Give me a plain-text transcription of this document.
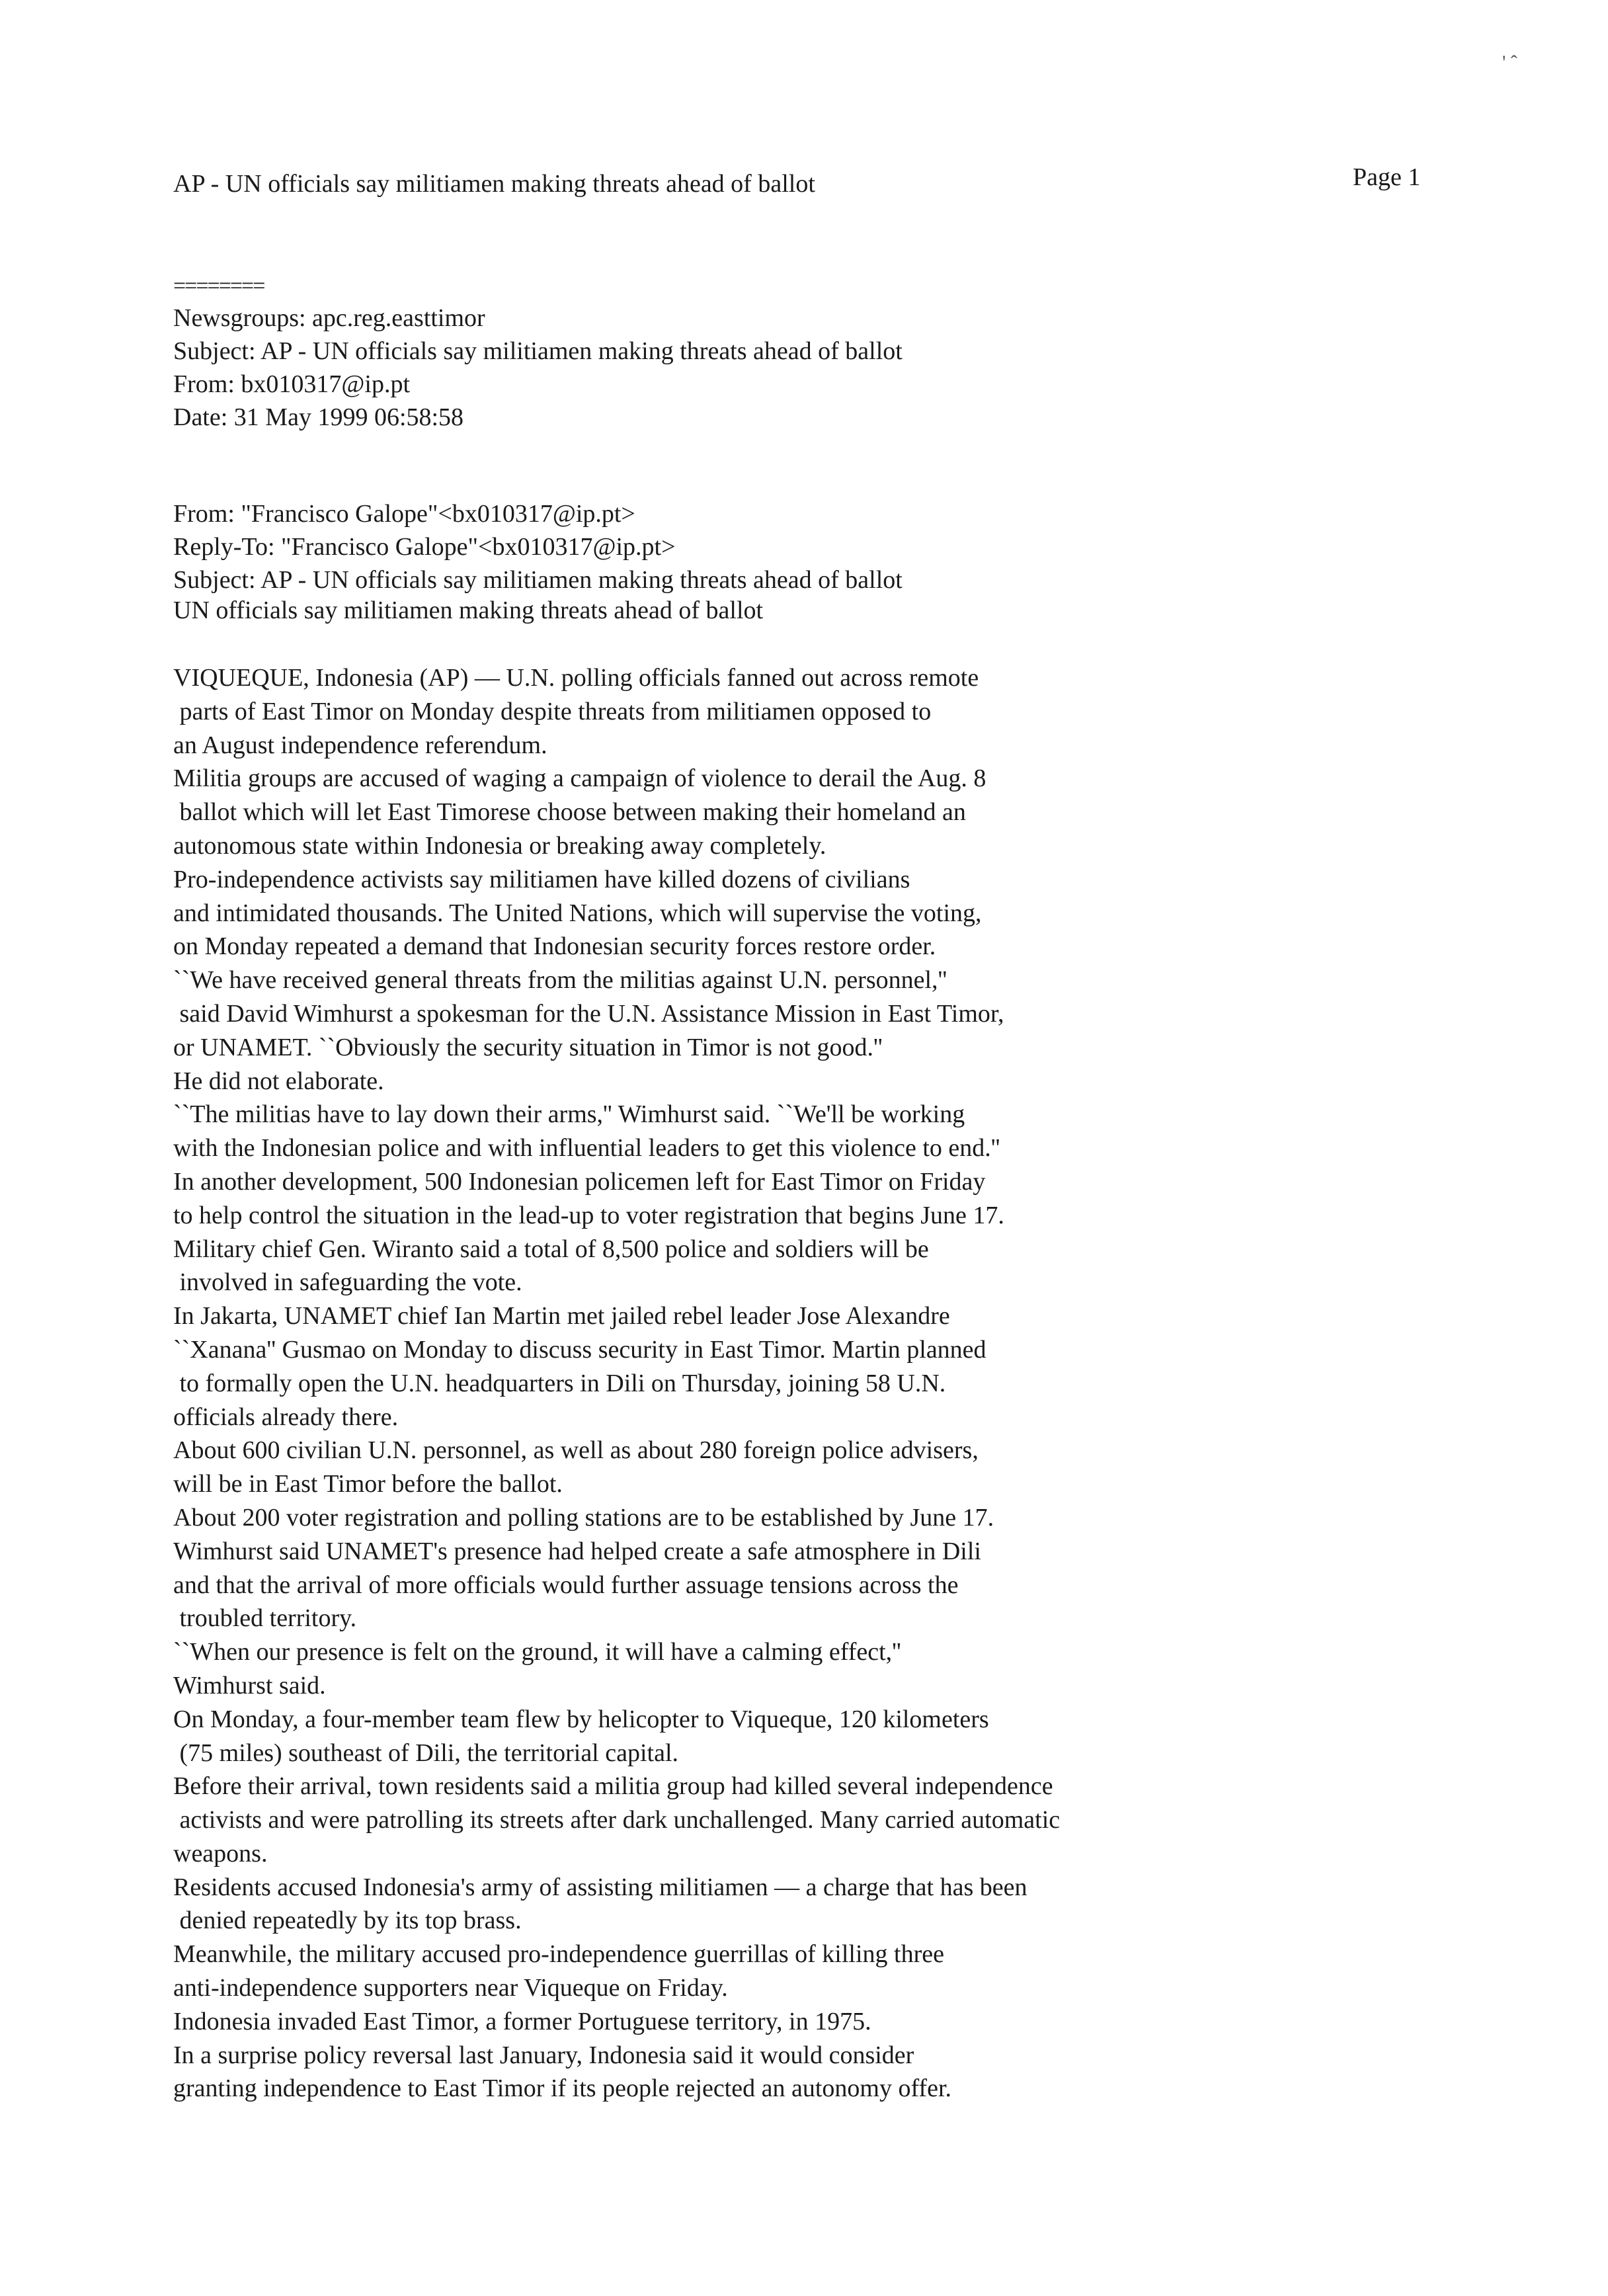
' ˆ
AP - UN officials say militiamen making threats ahead of ballot	Page 1
========
Newsgroups: apc.reg.easttimor
Subject: AP - UN officials say militiamen making threats ahead of ballot
From: bx010317@ip.pt
Date: 31 May 1999 06:58:58
From: "Francisco Galope"<bx010317@ip.pt>
Reply-To: "Francisco Galope"<bx010317@ip.pt>
Subject: AP - UN officials say militiamen making threats ahead of ballot
UN officials say militiamen making threats ahead of ballot
VIQUEQUE, Indonesia (AP) — U.N. polling officials fanned out across remote
parts of East Timor on Monday despite threats from militiamen opposed to
an August independence referendum.
Militia groups are accused of waging a campaign of violence to derail the Aug. 8
ballot which will let East Timorese choose between making their homeland an
autonomous state within Indonesia or breaking away completely.
Pro-independence activists say militiamen have killed dozens of civilians
and intimidated thousands. The United Nations, which will supervise the voting,
on Monday repeated a demand that Indonesian security forces restore order.
``We have received general threats from the militias against U.N. personnel,''
said David Wimhurst a spokesman for the U.N. Assistance Mission in East Timor,
or UNAMET. ``Obviously the security situation in Timor is not good.''
He did not elaborate.
``The militias have to lay down their arms,'' Wimhurst said. ``We'll be working
with the Indonesian police and with influential leaders to get this violence to end.''
In another development, 500 Indonesian policemen left for East Timor on Friday
to help control the situation in the lead-up to voter registration that begins June 17.
Military chief Gen. Wiranto said a total of 8,500 police and soldiers will be
involved in safeguarding the vote.
In Jakarta, UNAMET chief Ian Martin met jailed rebel leader Jose Alexandre
``Xanana'' Gusmao on Monday to discuss security in East Timor. Martin planned
to formally open the U.N. headquarters in Dili on Thursday, joining 58 U.N.
officials already there.
About 600 civilian U.N. personnel, as well as about 280 foreign police advisers,
will be in East Timor before the ballot.
About 200 voter registration and polling stations are to be established by June 17.
Wimhurst said UNAMET's presence had helped create a safe atmosphere in Dili
and that the arrival of more officials would further assuage tensions across the
troubled territory.
``When our presence is felt on the ground, it will have a calming effect,''
Wimhurst said.
On Monday, a four-member team flew by helicopter to Viqueque, 120 kilometers
(75 miles) southeast of Dili, the territorial capital.
Before their arrival, town residents said a militia group had killed several independence
activists and were patrolling its streets after dark unchallenged. Many carried automatic
weapons.
Residents accused Indonesia's army of assisting militiamen — a charge that has been
denied repeatedly by its top brass.
Meanwhile, the military accused pro-independence guerrillas of killing three
anti-independence supporters near Viqueque on Friday.
Indonesia invaded East Timor, a former Portuguese territory, in 1975.
In a surprise policy reversal last January, Indonesia said it would consider
granting independence to East Timor if its people rejected an autonomy offer.
